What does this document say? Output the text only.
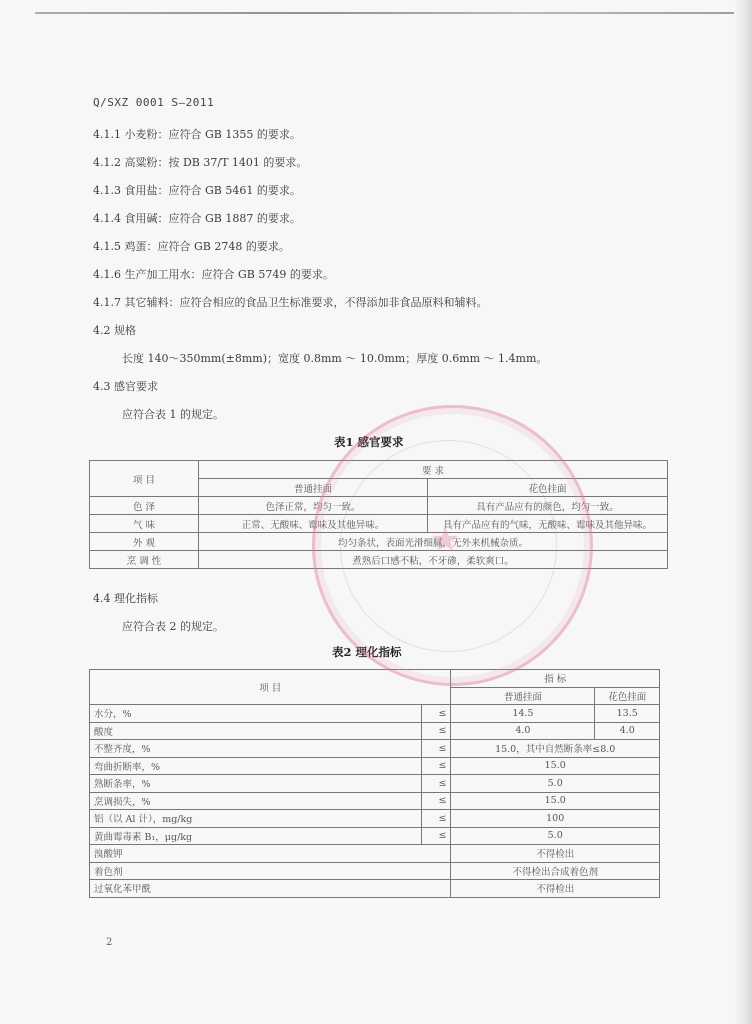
Q/SXZ 0001 S—2011
4.1.1 小麦粉：应符合 GB 1355 的要求。
4.1.2 高粱粉：按 DB 37/T 1401 的要求。
4.1.3 食用盐：应符合 GB 5461 的要求。
4.1.4 食用碱：应符合 GB 1887 的要求。
4.1.5 鸡蛋：应符合 GB 2748 的要求。
4.1.6 生产加工用水：应符合 GB 5749 的要求。
4.1.7 其它辅料：应符合相应的食品卫生标准要求，不得添加非食品原料和辅料。
4.2 规格
长度 140～350mm(±8mm)；宽度 0.8mm ～ 10.0mm；厚度 0.6mm ～ 1.4mm。
4.3 感官要求
应符合表 1 的规定。
表1 感官要求
项 目	要 求	
	普通挂面	花色挂面
色 泽	色泽正常，均匀一致。	具有产品应有的颜色，均匀一致。
气 味	正常、无酸味、霉味及其他异味。	具有产品应有的气味，无酸味、霉味及其他异味。
外 观	均匀条状，表面光滑细腻，无外来机械杂质。	
烹 调 性	煮熟后口感不粘，不牙碜，柔软爽口。	
4.4 理化指标
应符合表 2 的规定。
表2 理化指标
项 目		指 标	
		普通挂面	花色挂面
水分，%	≤	14.5	13.5
酸度	≤	4.0	4.0
不整齐度，%	≤	15.0，其中自然断条率≤8.0	
弯曲折断率，%	≤	15.0	
熟断条率，%	≤	5.0	
烹调损失，%	≤	15.0	
铝（以 Al 计），mg/kg	≤	100	
黄曲霉毒素 B₁，μg/kg	≤	5.0	
溴酸钾		不得检出	
着色剂		不得检出合成着色剂	
过氧化苯甲酰		不得检出	
★
2
